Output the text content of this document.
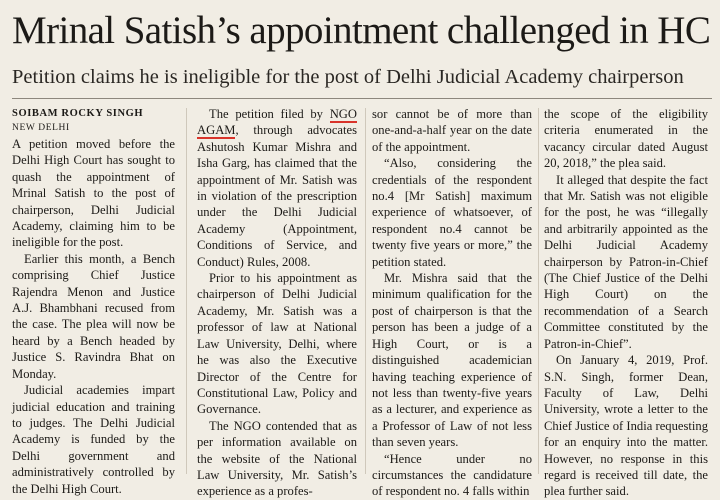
Mrinal Satish’s appointment challenged in HC
Petition claims he is ineligible for the post of Delhi Judicial Academy chairperson
SOIBAM ROCKY SINGH
NEW DELHI

A petition moved before the Delhi High Court has sought to quash the appointment of Mrinal Satish to the post of chairperson, Delhi Judicial Academy, claiming him to be ineligible for the post.

Earlier this month, a Bench comprising Chief Justice Rajendra Menon and Justice A.J. Bhambhani recused from the case. The plea will now be heard by a Bench headed by Justice S. Ravindra Bhat on Monday.

Judicial academies impart judicial education and training to judges. The Delhi Judicial Academy is funded by the Delhi government and administratively controlled by the Delhi High Court.

The petition filed by NGO AGAM, through advocates Ashutosh Kumar Mishra and Isha Garg, has claimed that the appointment of Mr. Satish was in violation of the prescription under the Delhi Judicial Academy (Appointment, Conditions of Service, and Conduct) Rules, 2008.

Prior to his appointment as chairperson of Delhi Judicial Academy, Mr. Satish was a professor of law at National Law University, Delhi, where he was also the Executive Director of the Centre for Constitutional Law, Policy and Governance.

The NGO contended that as per information available on the website of the National Law University, Mr. Satish’s experience as a profes-

sor cannot be of more than one-and-a-half year on the date of the appointment.

“Also, considering the credentials of the respondent no.4 [Mr Satish] maximum experience of whatsoever, of respondent no.4 cannot be twenty five years or more,” the petition stated.

Mr. Mishra said that the minimum qualification for the post of chairperson is that the person has been a judge of a High Court, or is a distinguished academician having teaching experience of not less than twenty-five years as a lecturer, and experience as a Professor of Law of not less than seven years.

“Hence under no circumstances the candidature of respondent no. 4 falls within

the scope of the eligibility criteria enumerated in the vacancy circular dated August 20, 2018,” the plea said.

It alleged that despite the fact that Mr. Satish was not eligible for the post, he was “illegally and arbitrarily appointed as the Delhi Judicial Academy chairperson by Patron-in-Chief (The Chief Justice of the Delhi High Court) on the recommendation of a Search Committee constituted by the Patron-in-Chief”.

On January 4, 2019, Prof. S.N. Singh, former Dean, Faculty of Law, Delhi University, wrote a letter to the Chief Justice of India requesting for an enquiry into the matter. However, no response in this regard is received till date, the plea further said.
